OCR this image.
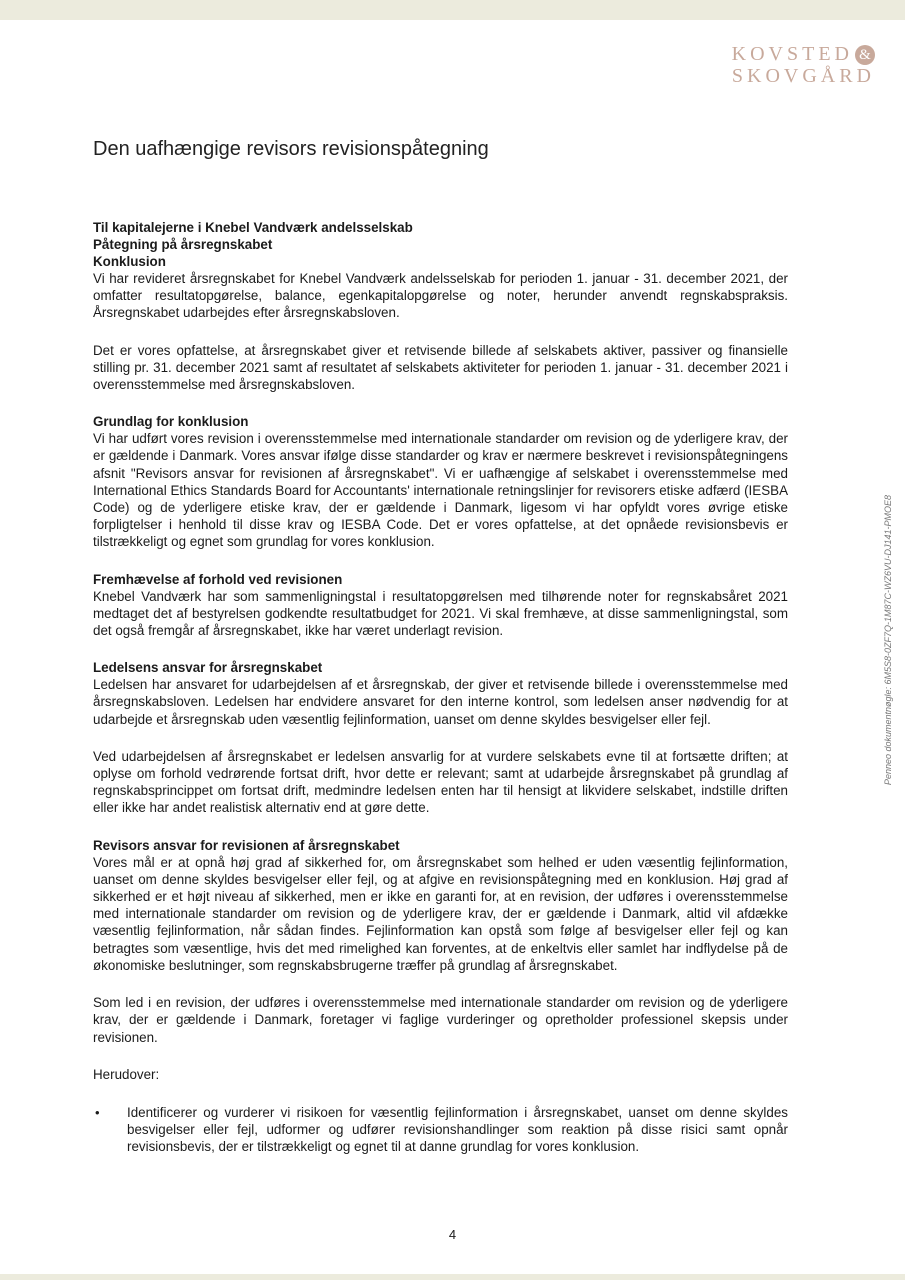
KOVSTED &
SKOVGÅRD
Penneo dokumentnøgle: 6M5S8-0ZF7Q-1M87C-WZ6VU-DJ141-PMOE8
Den uafhængige revisors revisionspåtegning
Til kapitalejerne i Knebel Vandværk andelsselskab
Påtegning på årsregnskabet
Konklusion

Vi har revideret årsregnskabet for Knebel Vandværk andelsselskab for perioden 1. januar - 31. december 2021, der omfatter resultatopgørelse, balance, egenkapitalopgørelse og noter, herunder anvendt regnskabspraksis. Årsregnskabet udarbejdes efter årsregnskabsloven.

Det er vores opfattelse, at årsregnskabet giver et retvisende billede af selskabets aktiver, passiver og finansielle stilling pr. 31. december 2021 samt af resultatet af selskabets aktiviteter for perioden 1. januar - 31. december 2021 i overensstemmelse med årsregnskabsloven.

Grundlag for konklusion

Vi har udført vores revision i overensstemmelse med internationale standarder om revision og de yderligere krav, der er gældende i Danmark. Vores ansvar ifølge disse standarder og krav er nærmere beskrevet i revisionspåtegningens afsnit "Revisors ansvar for revisionen af årsregnskabet". Vi er uafhængige af selskabet i overensstemmelse med International Ethics Standards Board for Accountants' internationale retningslinjer for revisorers etiske adfærd (IESBA Code) og de yderligere etiske krav, der er gældende i Danmark, ligesom vi har opfyldt vores øvrige etiske forpligtelser i henhold til disse krav og IESBA Code. Det er vores opfattelse, at det opnåede revisionsbevis er tilstrækkeligt og egnet som grundlag for vores konklusion.

Fremhævelse af forhold ved revisionen

Knebel Vandværk har som sammenligningstal i resultatopgørelsen med tilhørende noter for regnskabsåret 2021 medtaget det af bestyrelsen godkendte resultatbudget for 2021. Vi skal fremhæve, at disse sammenligningstal, som det også fremgår af årsregnskabet, ikke har været underlagt revision.

Ledelsens ansvar for årsregnskabet

Ledelsen har ansvaret for udarbejdelsen af et årsregnskab, der giver et retvisende billede i overensstemmelse med årsregnskabsloven. Ledelsen har endvidere ansvaret for den interne kontrol, som ledelsen anser nødvendig for at udarbejde et årsregnskab uden væsentlig fejlinformation, uanset om denne skyldes besvigelser eller fejl.

Ved udarbejdelsen af årsregnskabet er ledelsen ansvarlig for at vurdere selskabets evne til at fortsætte driften; at oplyse om forhold vedrørende fortsat drift, hvor dette er relevant; samt at udarbejde årsregnskabet på grundlag af regnskabsprincippet om fortsat drift, medmindre ledelsen enten har til hensigt at likvidere selskabet, indstille driften eller ikke har andet realistisk alternativ end at gøre dette.

Revisors ansvar for revisionen af årsregnskabet

Vores mål er at opnå høj grad af sikkerhed for, om årsregnskabet som helhed er uden væsentlig fejlinformation, uanset om denne skyldes besvigelser eller fejl, og at afgive en revisionspåtegning med en konklusion. Høj grad af sikkerhed er et højt niveau af sikkerhed, men er ikke en garanti for, at en revision, der udføres i overensstemmelse med internationale standarder om revision og de yderligere krav, der er gældende i Danmark, altid vil afdække væsentlig fejlinformation, når sådan findes. Fejlinformation kan opstå som følge af besvigelser eller fejl og kan betragtes som væsentlige, hvis det med rimelighed kan forventes, at de enkeltvis eller samlet har indflydelse på de økonomiske beslutninger, som regnskabsbrugerne træffer på grundlag af årsregnskabet.

Som led i en revision, der udføres i overensstemmelse med internationale standarder om revision og de yderligere krav, der er gældende i Danmark, foretager vi faglige vurderinger og opretholder professionel skepsis under revisionen.

Herudover:

•	Identificerer og vurderer vi risikoen for væsentlig fejlinformation i årsregnskabet, uanset om denne skyldes besvigelser eller fejl, udformer og udfører revisionshandlinger som reaktion på disse risici samt opnår revisionsbevis, der er tilstrækkeligt og egnet til at danne grundlag for vores konklusion.

4
